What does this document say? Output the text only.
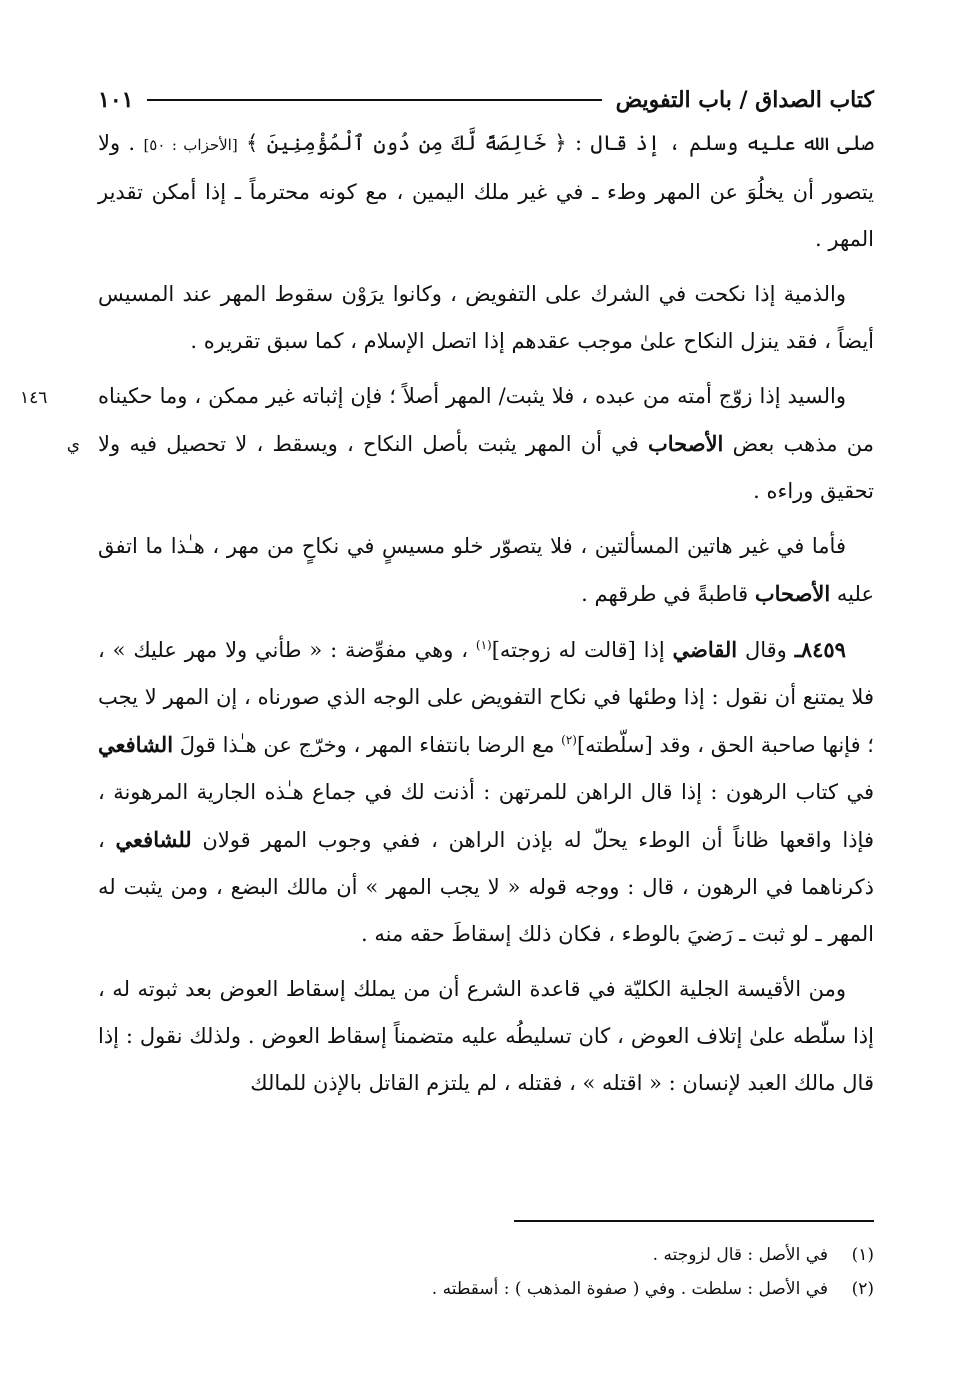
كتاب الصداق / باب التفويض
١٠١

صلى الله عليه وسلم ، إذ قال : ﴿ خَالِصَةً لَّكَ مِن دُونِ ٱلْمُؤْمِنِينَ ﴾ [الأحزاب : ٥٠] . ولا يتصور أن يخلُوَ عن المهر وطء ـ في غير ملك اليمين ، مع كونه محترماً ـ إذا أمكن تقدير المهر .

والذمية إذا نكحت في الشرك على التفويض ، وكانوا يرَوْن سقوط المهر عند المسيس أيضاً ، فقد ينزل النكاح علىٰ موجب عقدهم إذا اتصل الإسلام ، كما سبق تقريره .

١٤٦ ي
والسيد إذا زوّج أمته من عبده ، فلا يثبت/ المهر أصلاً ؛ فإن إثباته غير ممكن ، وما حكيناه من مذهب بعض الأصحاب في أن المهر يثبت بأصل النكاح ، ويسقط ، لا تحصيل فيه ولا تحقيق وراءه .

فأما في غير هاتين المسألتين ، فلا يتصوّر خلو مسيسٍ في نكاحٍ من مهر ، هـٰذا ما اتفق عليه الأصحاب قاطبةً في طرقهم .

٨٤٥٩ـ وقال القاضي إذا [قالت له زوجته]$^{(١)}$ ، وهي مفوِّضة : « طأني ولا مهر عليك » ، فلا يمتنع أن نقول : إذا وطئها في نكاح التفويض على الوجه الذي صورناه ، إن المهر لا يجب ؛ فإنها صاحبة الحق ، وقد [سلّطته]$^{(٢)}$ مع الرضا بانتفاء المهر ، وخرّج عن هـٰذا قولَ الشافعي في كتاب الرهون : إذا قال الراهن للمرتهن : أذنت لك في جماع هـٰذه الجارية المرهونة ، فإذا واقعها ظاناً أن الوطء يحلّ له بإذن الراهن ، ففي وجوب المهر قولان للشافعي ، ذكرناهما في الرهون ، قال : ووجه قوله « لا يجب المهر » أن مالك البضع ، ومن يثبت له المهر ـ لو ثبت ـ رَضيَ بالوطء ، فكان ذلك إسقاطَ حقه منه .

ومن الأقيسة الجلية الكليّة في قاعدة الشرع أن من يملك إسقاط العوض بعد ثبوته له ، إذا سلّطه علىٰ إتلاف العوض ، كان تسليطُه عليه متضمناً إسقاط العوض . ولذلك نقول : إذا قال مالك العبد لإنسان : « اقتله » ، فقتله ، لم يلتزم القاتل بالإذن للمالك

(١)
في الأصل : قال لزوجته .
(٢)
في الأصل : سلطت . وفي ( صفوة المذهب ) : أسقطته .
